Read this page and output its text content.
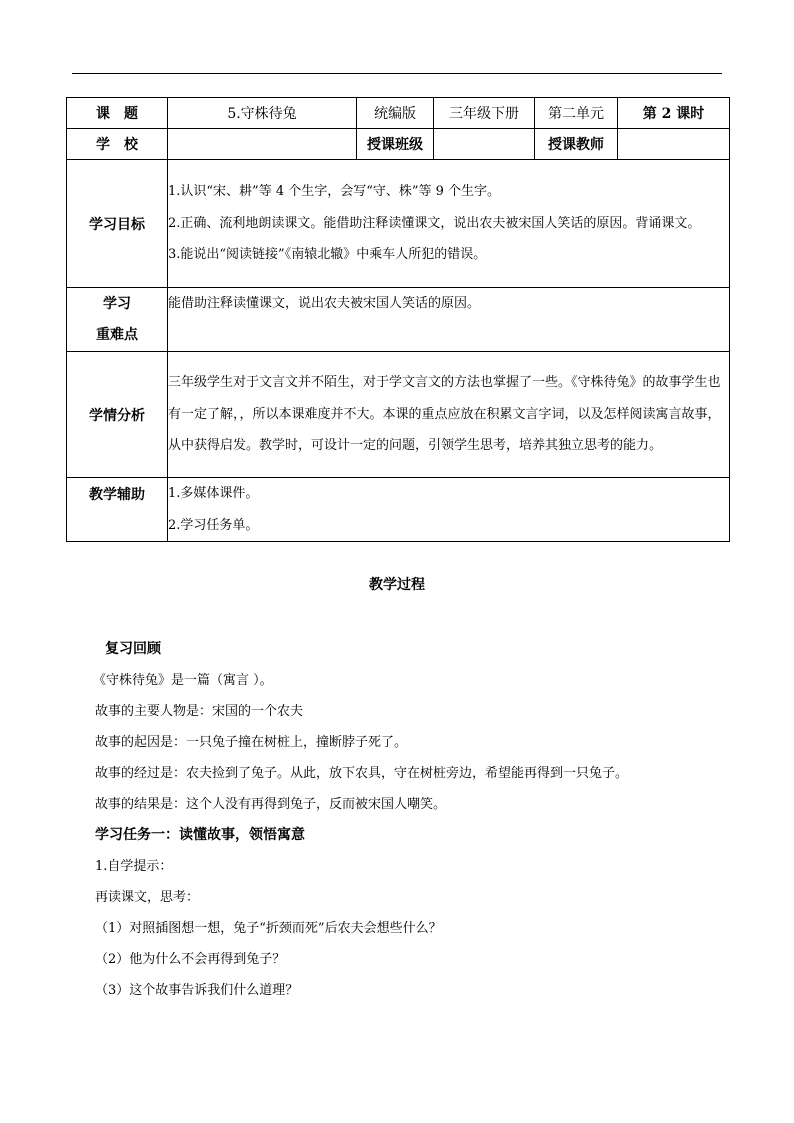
课　题	5.守株待兔	统编版	三年级下册	第二单元	第 2 课时
学　校		授课班级		授课教师	
学习目标	1.认识“宋、耕”等 4 个生字，会写“守、株”等 9 个生字。

2.正确、流利地朗读课文。能借助注释读懂课文，说出农夫被宋国人笑话的原因。背诵课文。

3.能说出“阅读链接”《南辕北辙》中乘车人所犯的错误。				

学习
重难点	能借助注释读懂课文，说出农夫被宋国人笑话的原因。				

学情分析	三年级学生对于文言文并不陌生，对于学文言文的方法也掌握了一些。《守株待兔》的故事学生也有一定了解，，所以本课难度并不大。本课的重点应放在积累文言字词，以及怎样阅读寓言故事，从中获得启发。教学时，可设计一定的问题，引领学生思考，培养其独立思考的能力。				

教学辅助	1.多媒体课件。

2.学习任务单。				

教学过程

复习回顾

《守株待兔》是一篇（寓言 ）。

故事的主要人物是：宋国的一个农夫

故事的起因是：一只兔子撞在树桩上，撞断脖子死了。

故事的经过是：农夫捡到了兔子。从此，放下农具，守在树桩旁边，希望能再得到一只兔子。

故事的结果是：这个人没有再得到兔子，反而被宋国人嘲笑。

学习任务一：读懂故事，领悟寓意

1.自学提示：

再读课文，思考：

（1）对照插图想一想，兔子“折颈而死”后农夫会想些什么？

（2）他为什么不会再得到兔子？

（3）这个故事告诉我们什么道理？
